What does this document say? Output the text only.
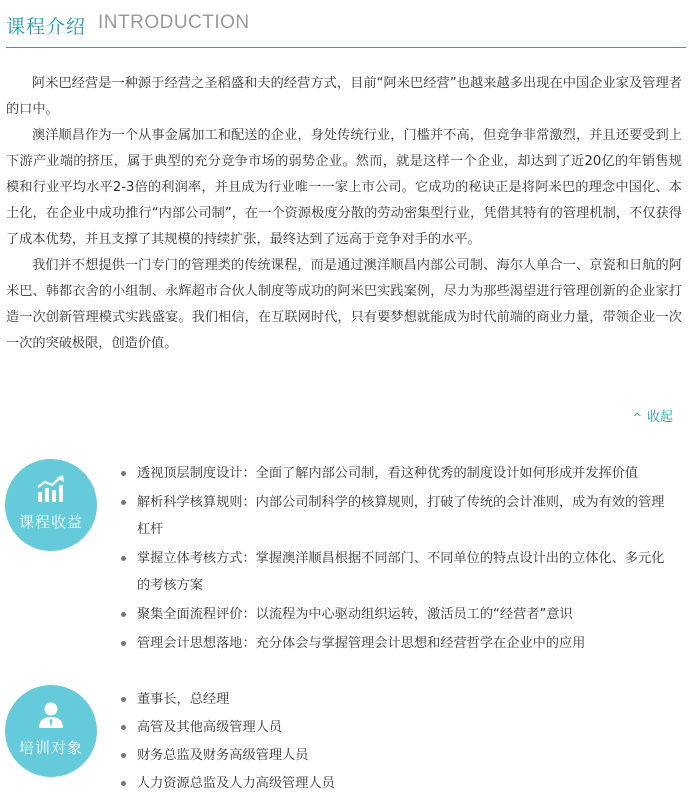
课程介绍 INTRODUCTION

阿米巴经营是一种源于经营之圣稻盛和夫的经营方式，目前“阿米巴经营”也越来越多出现在中国企业家及管理者的口中。

澳洋顺昌作为一个从事金属加工和配送的企业，身处传统行业，门槛并不高，但竞争非常激烈，并且还要受到上下游产业端的挤压，属于典型的充分竞争市场的弱势企业。然而，就是这样一个企业，却达到了近20亿的年销售规模和行业平均水平2-3倍的利润率，并且成为行业唯一一家上市公司。它成功的秘诀正是将阿米巴的理念中国化、本土化，在企业中成功推行“内部公司制”，在一个资源极度分散的劳动密集型行业，凭借其特有的管理机制，不仅获得了成本优势，并且支撑了其规模的持续扩张，最终达到了远高于竞争对手的水平。

我们并不想提供一门专门的管理类的传统课程，而是通过澳洋顺昌内部公司制、海尔人单合一、京瓷和日航的阿米巴、韩都衣舍的小组制、永辉超市合伙人制度等成功的阿米巴实践案例，尽力为那些渴望进行管理创新的企业家打造一次创新管理模式实践盛宴。我们相信，在互联网时代，只有要梦想就能成为时代前端的商业力量，带领企业一次一次的突破极限，创造价值。

^ 收起
课程收益
透视顶层制度设计：全面了解内部公司制，看这种优秀的制度设计如何形成并发挥价值
解析科学核算规则：内部公司制科学的核算规则，打破了传统的会计准则，成为有效的管理杠杆
掌握立体考核方式：掌握澳洋顺昌根据不同部门、不同单位的特点设计出的立体化、多元化的考核方案
聚集全面流程评价：以流程为中心驱动组织运转，激活员工的“经营者”意识
管理会计思想落地：充分体会与掌握管理会计思想和经营哲学在企业中的应用
培训对象
董事长，总经理
高管及其他高级管理人员
财务总监及财务高级管理人员
人力资源总监及人力高级管理人员
